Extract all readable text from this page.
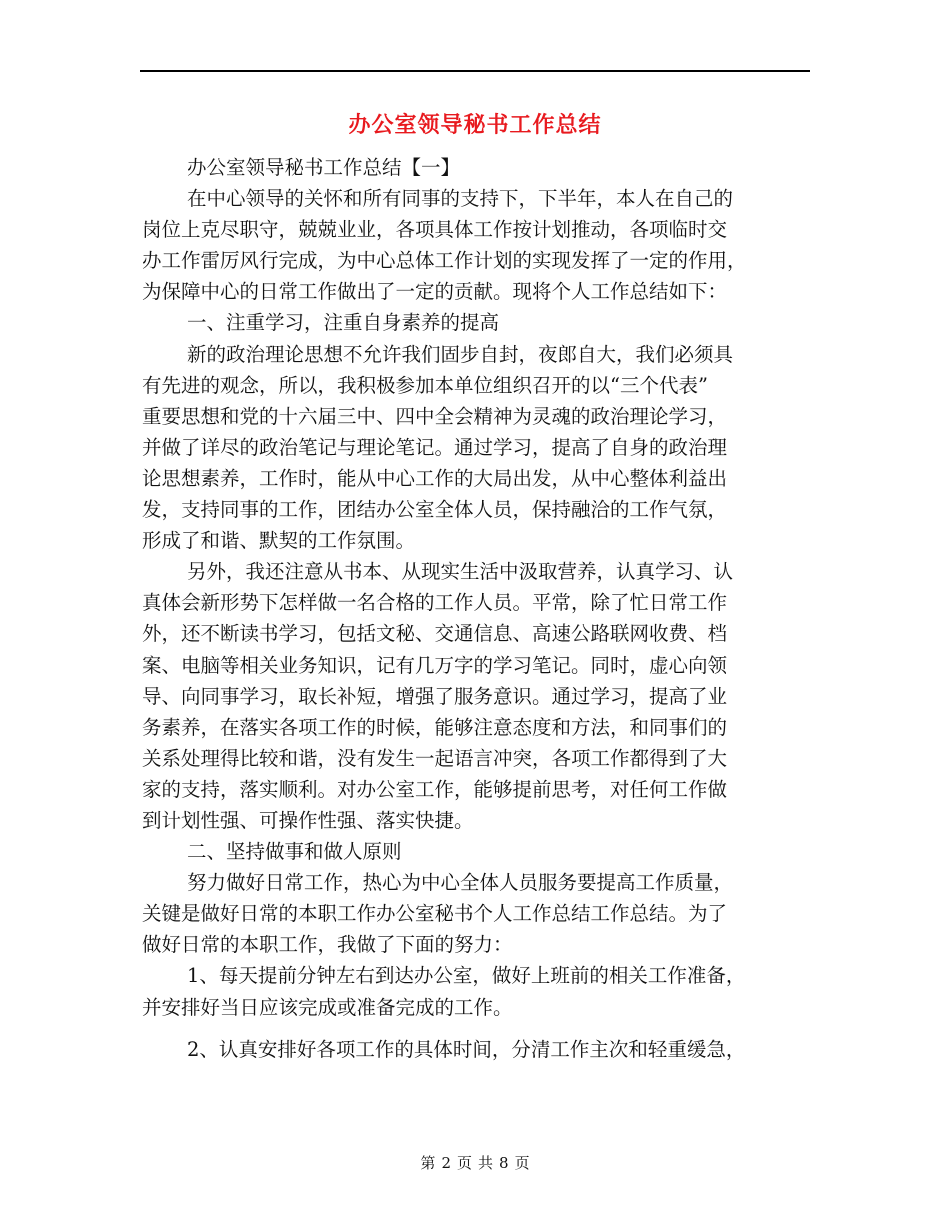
办公室领导秘书工作总结
办公室领导秘书工作总结【一】
在中心领导的关怀和所有同事的支持下，下半年，本人在自己的
岗位上克尽职守，兢兢业业，各项具体工作按计划推动，各项临时交
办工作雷厉风行完成，为中心总体工作计划的实现发挥了一定的作用，
为保障中心的日常工作做出了一定的贡献。现将个人工作总结如下：
一、注重学习，注重自身素养的提高
新的政治理论思想不允许我们固步自封，夜郎自大，我们必须具
有先进的观念，所以，我积极参加本单位组织召开的以“三个代表”
重要思想和党的十六届三中、四中全会精神为灵魂的政治理论学习，
并做了详尽的政治笔记与理论笔记。通过学习，提高了自身的政治理
论思想素养，工作时，能从中心工作的大局出发，从中心整体利益出
发，支持同事的工作，团结办公室全体人员，保持融洽的工作气氛，
形成了和谐、默契的工作氛围。
另外，我还注意从书本、从现实生活中汲取营养，认真学习、认
真体会新形势下怎样做一名合格的工作人员。平常，除了忙日常工作
外，还不断读书学习，包括文秘、交通信息、高速公路联网收费、档
案、电脑等相关业务知识，记有几万字的学习笔记。同时，虚心向领
导、向同事学习，取长补短，增强了服务意识。通过学习，提高了业
务素养，在落实各项工作的时候，能够注意态度和方法，和同事们的
关系处理得比较和谐，没有发生一起语言冲突，各项工作都得到了大
家的支持，落实顺利。对办公室工作，能够提前思考，对任何工作做
到计划性强、可操作性强、落实快捷。
二、坚持做事和做人原则
努力做好日常工作，热心为中心全体人员服务要提高工作质量，
关键是做好日常的本职工作办公室秘书个人工作总结工作总结。为了
做好日常的本职工作，我做了下面的努力：
1、每天提前分钟左右到达办公室，做好上班前的相关工作准备，
并安排好当日应该完成或准备完成的工作。
2、认真安排好各项工作的具体时间，分清工作主次和轻重缓急，
第 2 页 共 8 页
